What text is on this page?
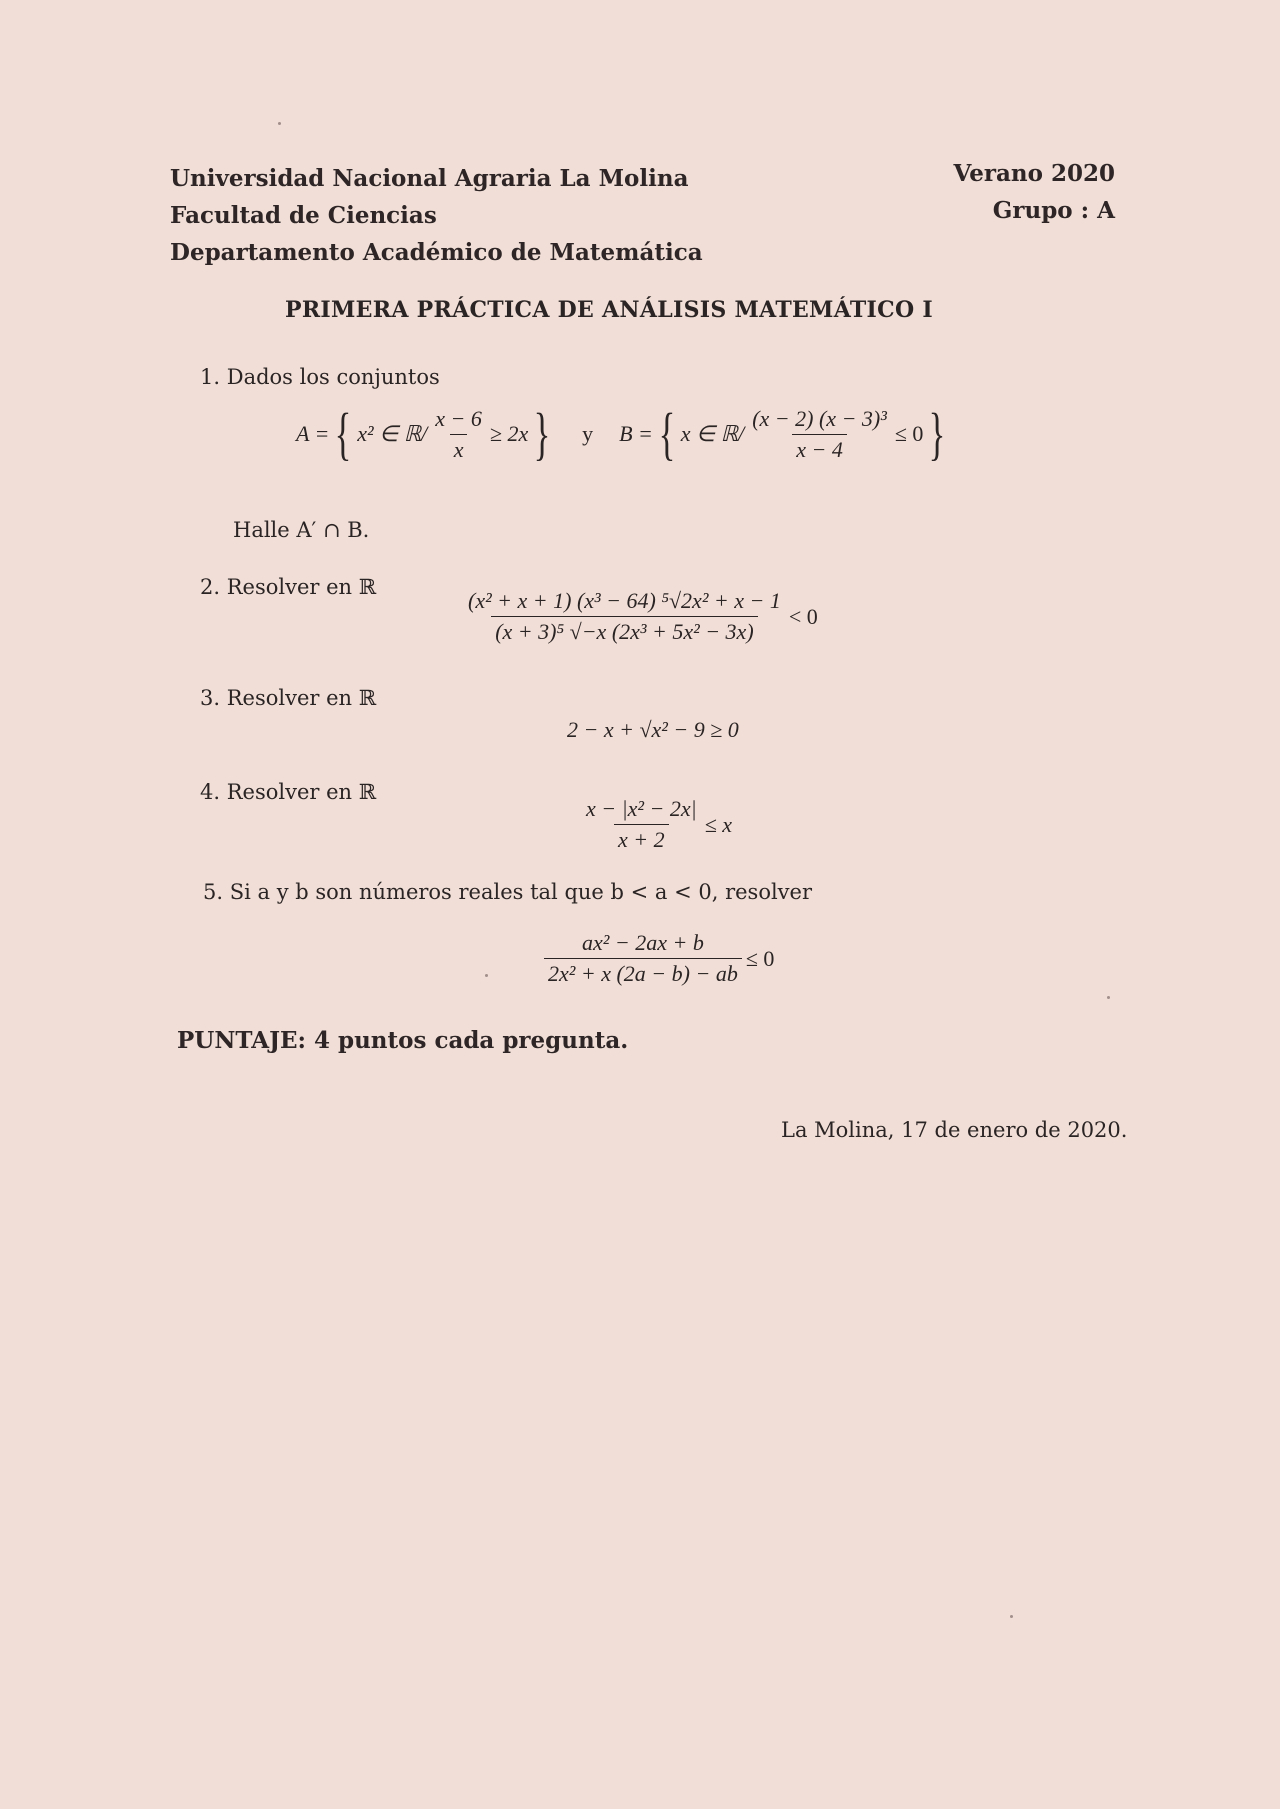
Universidad Nacional Agraria La Molina
Facultad de Ciencias
Departamento Académico de Matemática
Verano 2020
Grupo : A
PRIMERA PRÁCTICA DE ANÁLISIS MATEMÁTICO I
1. Dados los conjuntos
A = { x² ∈ ℝ/ $\frac{x - 6}{x} \ge 2x$ } y B = { x ∈ ℝ/ $\frac{\text{(x − 2) (x − 3)³}}{x - 4} \le 0$ }
Halle A′ ∩ B.
2. Resolver en ℝ
$\frac{\text{(x² + x + 1) (x³ − 64) ⁵√2x² + x − 1}}{\text{(x + 3)⁵ √−x (2x³ + 5x² − 3x)}} < 0$
3. Resolver en ℝ
2 − x + √x² − 9 ≥ 0
4. Resolver en ℝ
$\frac{\text{x − |x² − 2x|}}{x + 2} \le x$
5. Si a y b son números reales tal que b < a < 0, resolver
$\frac{\text{ax² − 2ax + b}}{\text{2x² + x (2a − b) − ab}} \le 0$
PUNTAJE: 4 puntos cada pregunta.
La Molina, 17 de enero de 2020.
